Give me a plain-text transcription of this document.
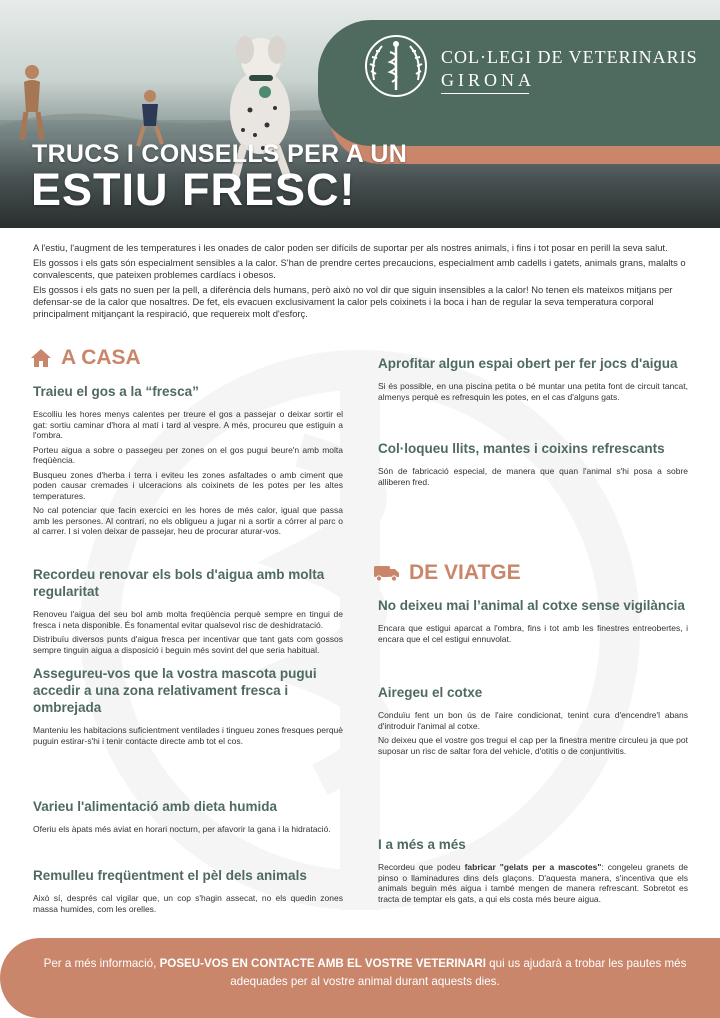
COL·LEGI DE VETERINARIS
GIRONA
TRUCS I CONSELLS PER A UN
ESTIU FRESC!

A l'estiu, l'augment de les temperatures i les onades de calor poden ser difícils de suportar per als nostres animals, i fins i tot posar en perill la seva salut.

Els gossos i els gats són especialment sensibles a la calor. S'han de prendre certes precaucions, especialment amb cadells i gatets, animals grans, malalts o convalescents, que pateixen problemes cardíacs i obesos.

Els gossos i els gats no suen per la pell, a diferència dels humans, però això no vol dir que siguin insensibles a la calor! No tenen els mateixos mitjans per defensar-se de la calor que nosaltres. De fet, els evacuen exclusivament la calor pels coixinets i la boca i han de regular la seva temperatura corporal principalment mitjançant la respiració, que requereix molt d'esforç.

A CASA
Traieu el gos a la “fresca”

Escolliu les hores menys calentes per treure el gos a passejar o deixar sortir el gat: sortiu caminar d'hora al matí i tard al vespre. A més, procureu que estiguin a l'ombra.

Porteu aigua a sobre o passegeu per zones on el gos pugui beure'n amb molta freqüència.

Busqueu zones d'herba i terra i eviteu les zones asfaltades o amb ciment que poden causar cremades i ulceracions als coixinets de les potes per les altes temperatures.

No cal potenciar que facin exercici en les hores de més calor, igual que passa amb les persones. Al contrari, no els obligueu a jugar ni a sortir a córrer al parc o al carrer. I si volen deixar de passejar, heu de procurar aturar-vos.

Recordeu renovar els bols d'aigua amb molta regularitat

Renoveu l'aigua del seu bol amb molta freqüència perquè sempre en tingui de fresca i neta disponible. És fonamental evitar qualsevol risc de deshidratació.

Distribuïu diversos punts d'aigua fresca per incentivar que tant gats com gossos sempre tinguin aigua a disposició i beguin més sovint del que seria habitual.

Assegureu-vos que la vostra mascota pugui accedir a una zona relativament fresca i ombrejada

Manteniu les habitacions suficientment ventilades i tingueu zones fresques perquè puguin estirar-s'hi i tenir contacte directe amb tot el cos.

Varieu l'alimentació amb dieta humida

Oferiu els àpats més aviat en horari nocturn, per afavorir la gana i la hidratació.

Remulleu freqüentment el pèl dels animals

Això sí, després cal vigilar que, un cop s'hagin assecat, no els quedin zones massa humides, com les orelles.

Aprofitar algun espai obert per fer jocs d'aigua

Si és possible, en una piscina petita o bé muntar una petita font de circuit tancat, almenys perquè es refresquin les potes, en el cas d'alguns gats.

Col·loqueu llits, mantes i coixins refrescants

Són de fabricació especial, de manera que quan l'animal s'hi posa a sobre alliberen fred.

DE VIATGE
No deixeu mai l’animal al cotxe sense vigilància

Encara que estigui aparcat a l'ombra, fins i tot amb les finestres entreobertes, i encara que el cel estigui ennuvolat.

Airegeu el cotxe

Conduïu fent un bon ús de l'aire condicionat, tenint cura d'encendre'l abans d'introduir l'animal al cotxe.

No deixeu que el vostre gos tregui el cap per la finestra mentre circuleu ja que pot suposar un risc de saltar fora del vehicle, d'otitis o de conjuntivitis.

I a més a més

Recordeu que podeu fabricar "gelats per a mascotes": congeleu granets de pinso o llaminadures dins dels glaçons. D'aquesta manera, s'incentiva que els animals beguin més aigua i també mengen de manera refrescant. Sobretot es tracta de temptar els gats, a qui els costa més beure aigua.

Per a més informació, POSEU-VOS EN CONTACTE AMB EL VOSTRE VETERINARI qui us ajudarà a trobar les pautes més adequades per al vostre animal durant aquests dies.
